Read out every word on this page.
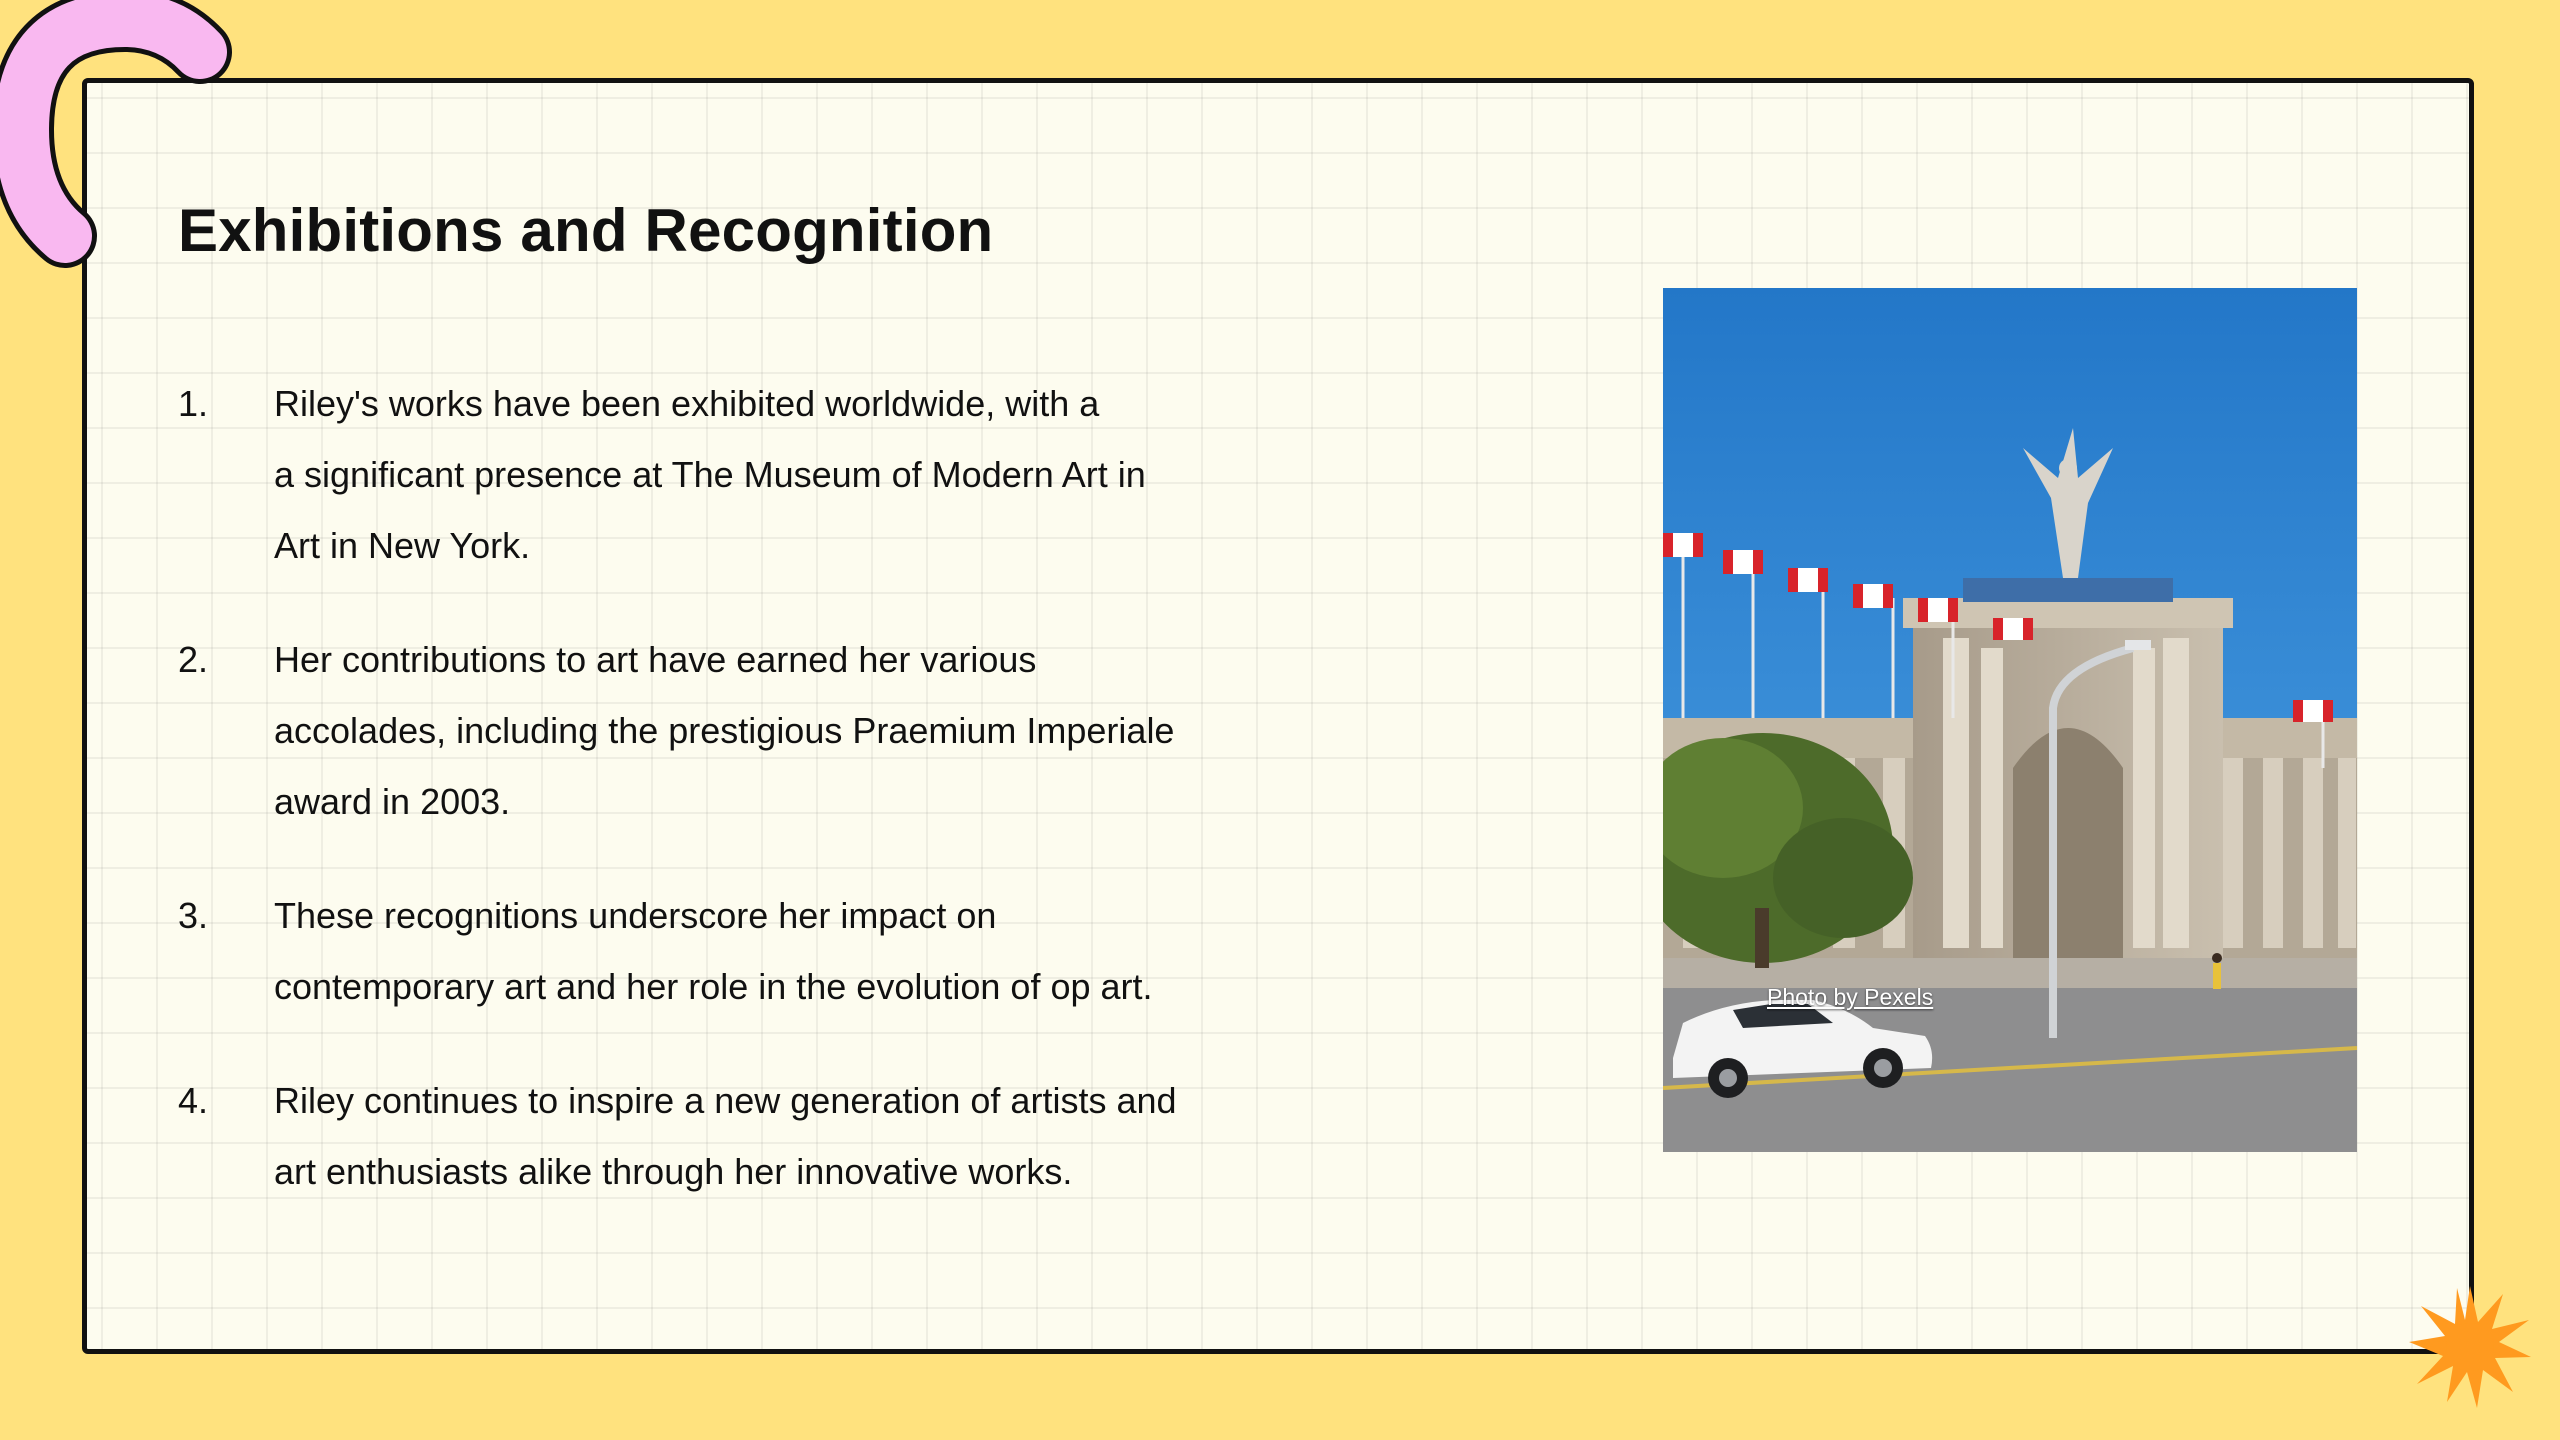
Exhibitions and Recognition
1.	Riley's works have been exhibited worldwide, with a
a significant presence at The Museum of Modern Art in
Art in New York.
2.	Her contributions to art have earned her various
accolades, including the prestigious Praemium Imperiale
award in 2003.
3.	These recognitions underscore her impact on
contemporary art and her role in the evolution of op art.
4.	Riley continues to inspire a new generation of artists and
art enthusiasts alike through her innovative works.
Photo by Pexels
